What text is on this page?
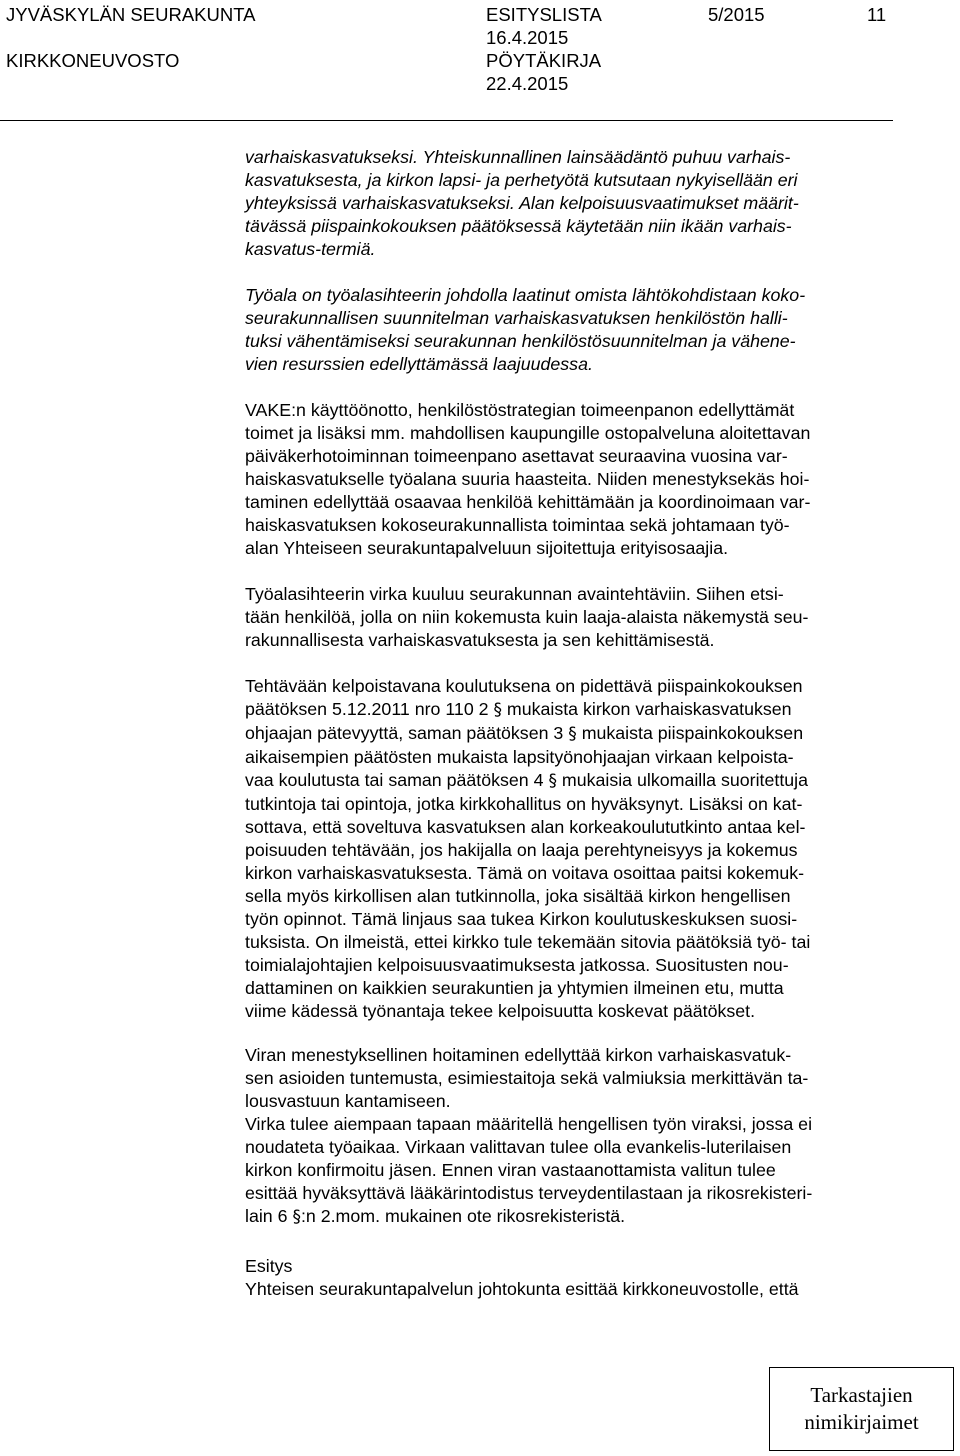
JYVÄSKYLÄN SEURAKUNTA
KIRKKONEUVOSTO
ESITYSLISTA
16.4.2015
PÖYTÄKIRJA
22.4.2015
5/2015	11

varhaiskasvatukseksi. Yhteiskunnallinen lainsäädäntö puhuu varhais-

kasvatuksesta, ja kirkon lapsi- ja perhetyötä kutsutaan nykyisellään eri

yhteyksissä varhaiskasvatukseksi. Alan kelpoisuusvaatimukset määrit-

tävässä piispainkokouksen päätöksessä käytetään niin ikään varhais-

kasvatus-termiä.

Työala on työalasihteerin johdolla laatinut omista lähtökohdistaan koko-

seurakunnallisen suunnitelman varhaiskasvatuksen henkilöstön halli-

tuksi vähentämiseksi seurakunnan henkilöstösuunnitelman ja vähene-

vien resurssien edellyttämässä laajuudessa.

VAKE:n käyttöönotto, henkilöstöstrategian toimeenpanon edellyttämät

toimet ja lisäksi mm. mahdollisen kaupungille ostopalveluna aloitettavan

päiväkerhotoiminnan toimeenpano asettavat seuraavina vuosina var-

haiskasvatukselle työalana suuria haasteita. Niiden menestyksekäs hoi-

taminen edellyttää osaavaa henkilöä kehittämään ja koordinoimaan var-

haiskasvatuksen kokoseurakunnallista toimintaa sekä johtamaan työ-

alan Yhteiseen seurakuntapalveluun sijoitettuja erityisosaajia.

Työalasihteerin virka kuuluu seurakunnan avaintehtäviin. Siihen etsi-

tään henkilöä, jolla on niin kokemusta kuin laaja-alaista näkemystä seu-

rakunnallisesta varhaiskasvatuksesta ja sen kehittämisestä.

Tehtävään kelpoistavana koulutuksena on pidettävä piispainkokouksen

päätöksen 5.12.2011 nro 110 2 § mukaista kirkon varhaiskasvatuksen

ohjaajan pätevyyttä, saman päätöksen 3 § mukaista piispainkokouksen

aikaisempien päätösten mukaista lapsityönohjaajan virkaan kelpoista-

vaa koulutusta tai saman päätöksen 4 § mukaisia ulkomailla suoritettuja

tutkintoja tai opintoja, jotka kirkkohallitus on hyväksynyt. Lisäksi on kat-

sottava, että soveltuva kasvatuksen alan korkeakoulututkinto antaa kel-

poisuuden tehtävään, jos hakijalla on laaja perehtyneisyys ja kokemus

kirkon varhaiskasvatuksesta. Tämä on voitava osoittaa paitsi kokemuk-

sella myös kirkollisen alan tutkinnolla, joka sisältää kirkon hengellisen

työn opinnot. Tämä linjaus saa tukea Kirkon koulutuskeskuksen suosi-

tuksista. On ilmeistä, ettei kirkko tule tekemään sitovia päätöksiä työ- tai

toimialajohtajien kelpoisuusvaatimuksesta jatkossa. Suositusten nou-

dattaminen on kaikkien seurakuntien ja yhtymien ilmeinen etu, mutta

viime kädessä työnantaja tekee kelpoisuutta koskevat päätökset.

Viran menestyksellinen hoitaminen edellyttää kirkon varhaiskasvatuk-

sen asioiden tuntemusta, esimiestaitoja sekä valmiuksia merkittävän ta-

lousvastuun kantamiseen.

Virka tulee aiempaan tapaan määritellä hengellisen työn viraksi, jossa ei

noudateta työaikaa. Virkaan valittavan tulee olla evankelis-luterilaisen

kirkon konfirmoitu jäsen. Ennen viran vastaanottamista valitun tulee

esittää hyväksyttävä lääkärintodistus terveydentilastaan ja rikosrekisteri-

lain 6 §:n 2.mom. mukainen ote rikosrekisteristä.

Esitys

Yhteisen seurakuntapalvelun johtokunta esittää kirkkoneuvostolle, että

Tarkastajien
nimikirjaimet
